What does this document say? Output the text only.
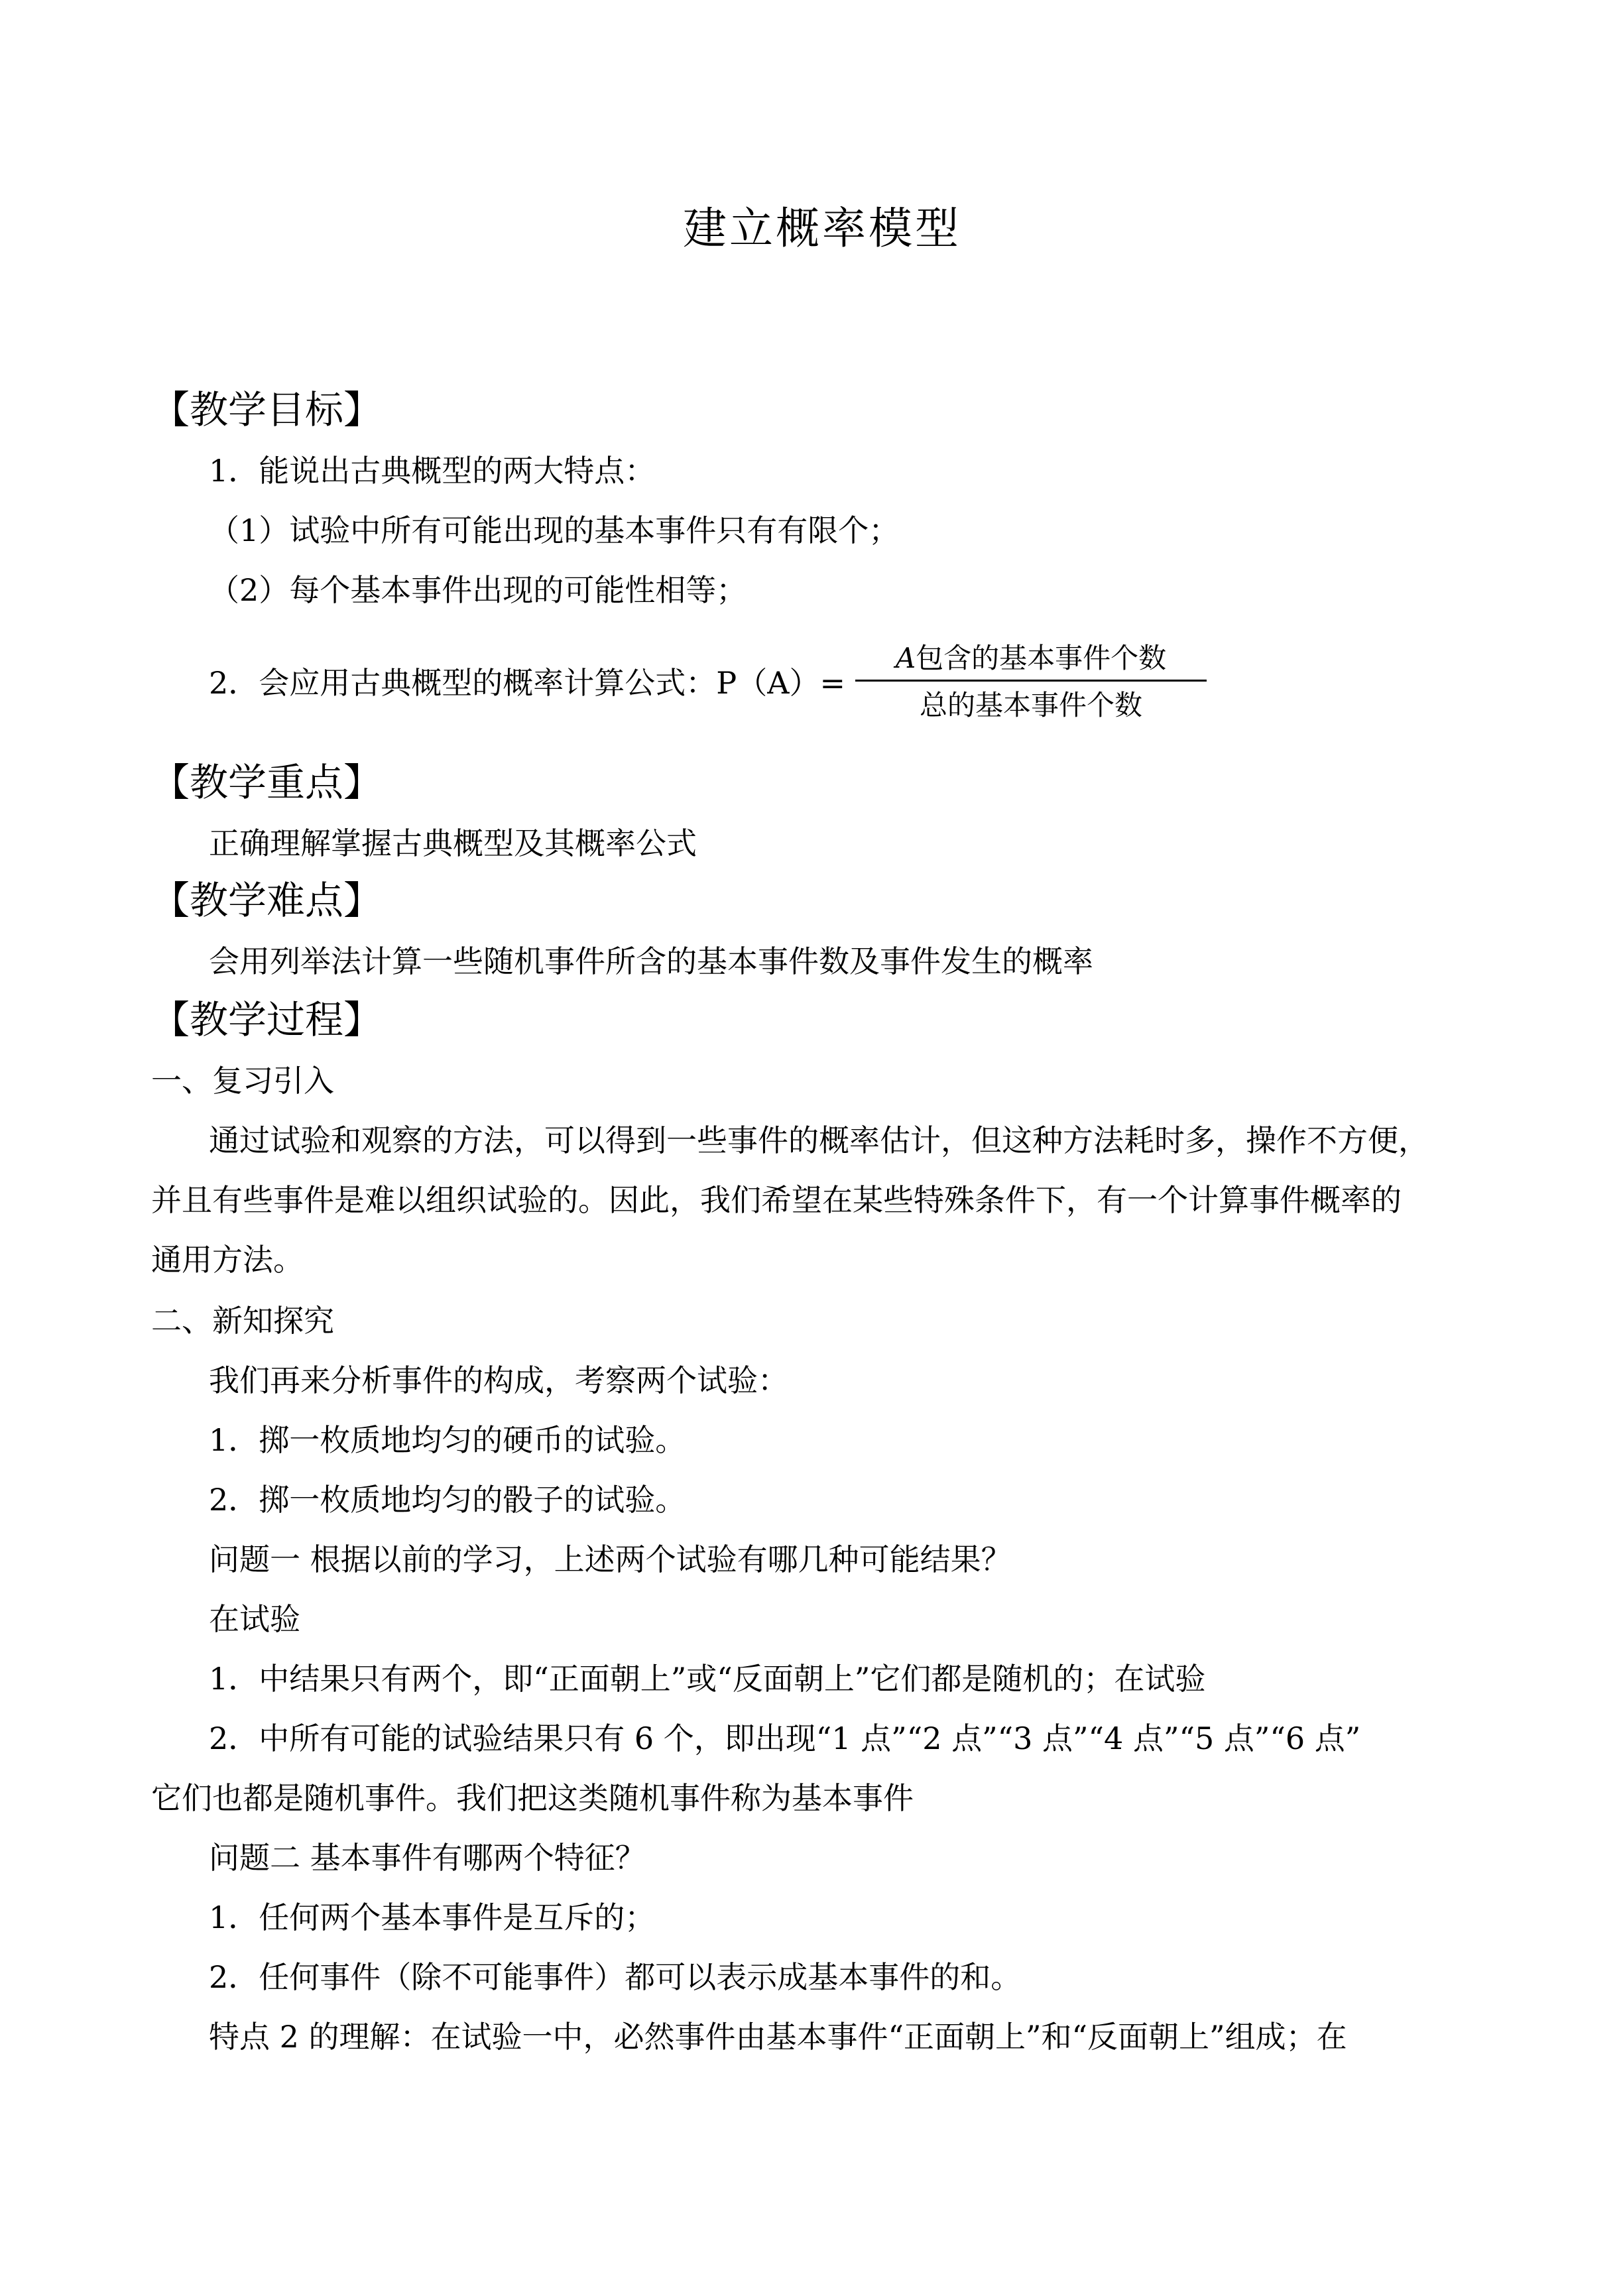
建立概率模型
【教学目标】
1．能说出古典概型的两大特点：
（1）试验中所有可能出现的基本事件只有有限个；
（2）每个基本事件出现的可能性相等；
2．会应用古典概型的概率计算公式：P（A）=
A包含的基本事件个数
总的基本事件个数
【教学重点】
正确理解掌握古典概型及其概率公式
【教学难点】
会用列举法计算一些随机事件所含的基本事件数及事件发生的概率
【教学过程】
一、复习引入
通过试验和观察的方法，可以得到一些事件的概率估计，但这种方法耗时多，操作不方便，
并且有些事件是难以组织试验的。因此，我们希望在某些特殊条件下，有一个计算事件概率的
通用方法。
二、新知探究
我们再来分析事件的构成，考察两个试验：
1．掷一枚质地均匀的硬币的试验。
2．掷一枚质地均匀的骰子的试验。
问题一 根据以前的学习，上述两个试验有哪几种可能结果？
在试验
1．中结果只有两个，即“正面朝上”或“反面朝上”它们都是随机的；在试验
2．中所有可能的试验结果只有 6 个，即出现“1 点”“2 点”“3 点”“4 点”“5 点”“6 点”
它们也都是随机事件。我们把这类随机事件称为基本事件
问题二 基本事件有哪两个特征？
1．任何两个基本事件是互斥的；
2．任何事件（除不可能事件）都可以表示成基本事件的和。
特点 2 的理解：在试验一中，必然事件由基本事件“正面朝上”和“反面朝上”组成；在
